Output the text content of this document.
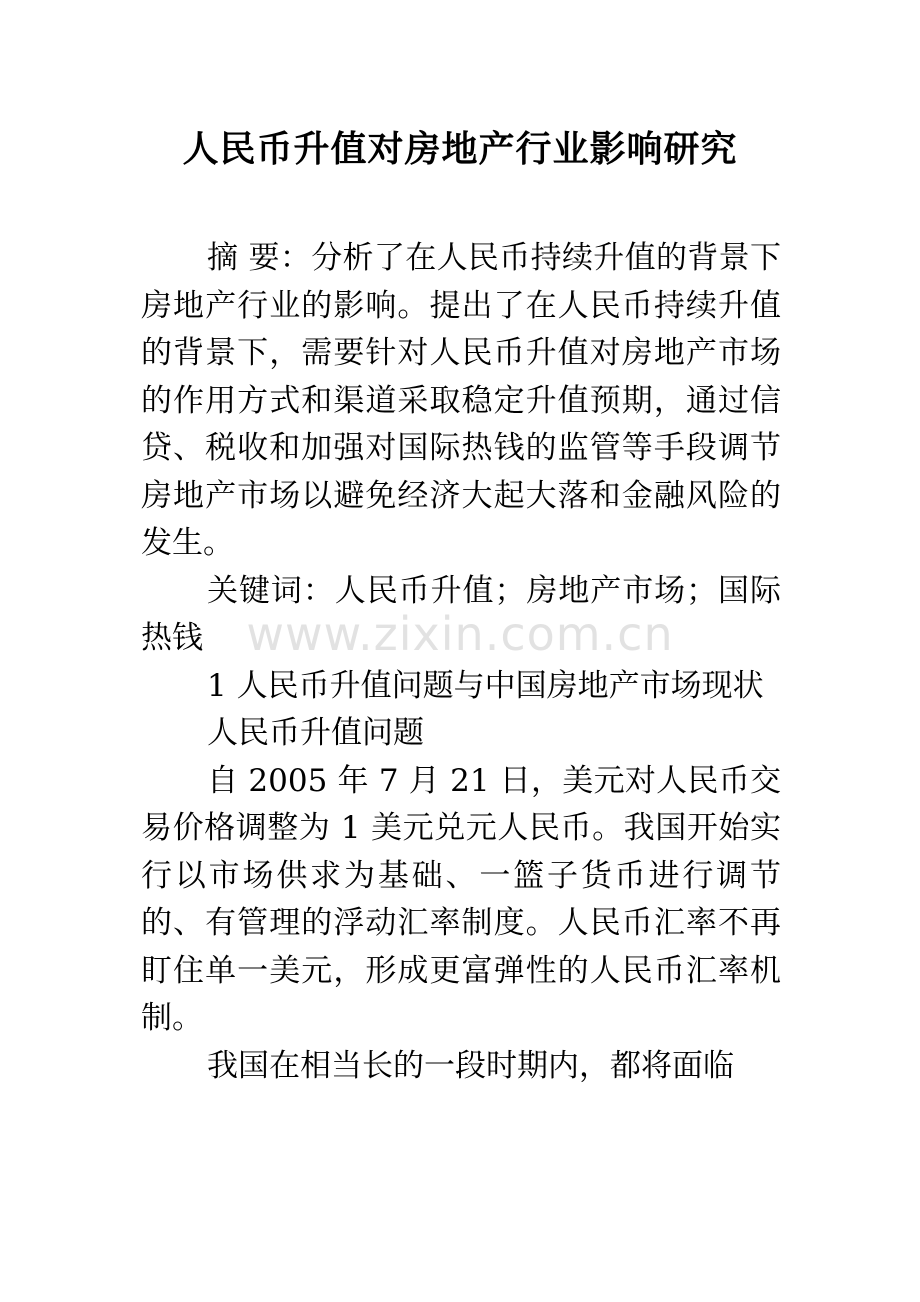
人民币升值对房地产行业影响研究

摘 要：分析了在人民币持续升值的背景下房地产行业的影响。提出了在人民币持续升值的背景下，需要针对人民币升值对房地产市场的作用方式和渠道采取稳定升值预期，通过信贷、税收和加强对国际热钱的监管等手段调节房地产市场以避免经济大起大落和金融风险的发生。

关键词：人民币升值；房地产市场；国际热钱

1 人民币升值问题与中国房地产市场现状

人民币升值问题

自 2005 年 7 月 21 日，美元对人民币交易价格调整为 1 美元兑元人民币。我国开始实行以市场供求为基础、一篮子货币进行调节的、有管理的浮动汇率制度。人民币汇率不再盯住单一美元，形成更富弹性的人民币汇率机制。

我国在相当长的一段时期内，都将面临

www.zixin.com.cn
